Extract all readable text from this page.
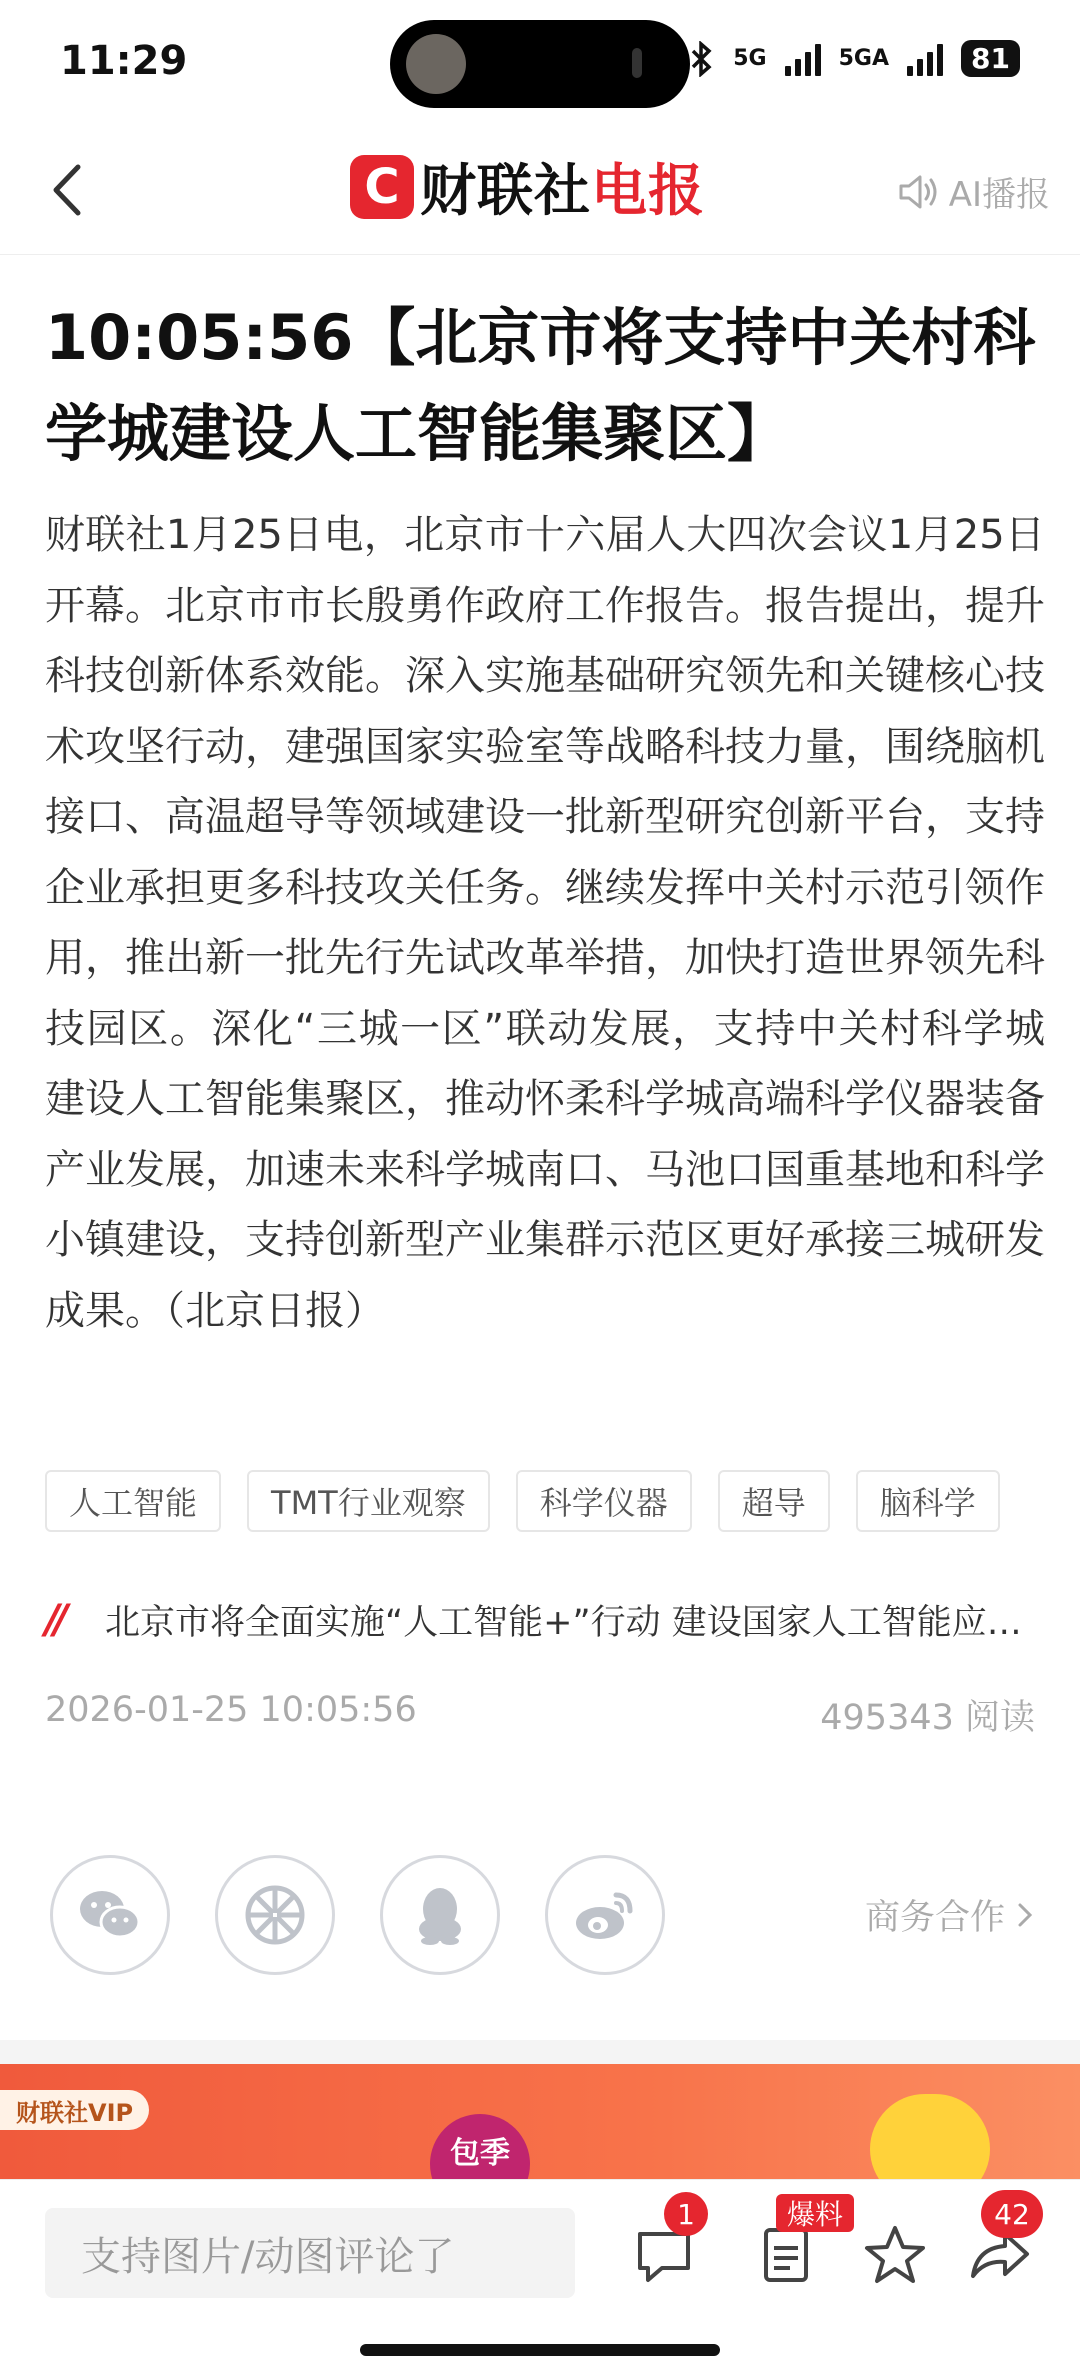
11:29	5G	5GA	81
C 财联社电报	AI播报
10:05:56【北京市将支持中关村科学城建设人工智能集聚区】

财联社1月25日电，北京市十六届人大四次会议1月25日开幕。北京市市长殷勇作政府工作报告。报告提出，提升科技创新体系效能。深入实施基础研究领先和关键核心技术攻坚行动，建强国家实验室等战略科技力量，围绕脑机接口、高温超导等领域建设一批新型研究创新平台，支持企业承担更多科技攻关任务。继续发挥中关村示范引领作用，推出新一批先行先试改革举措，加快打造世界领先科技园区。深化“三城一区”联动发展，支持中关村科学城建设人工智能集聚区，推动怀柔科学城高端科学仪器装备产业发展，加速未来科学城南口、马池口国重基地和科学小镇建设，支持创新型产业集群示范区更好承接三城研发成果。（北京日报）

人工智能	TMT行业观察	科学仪器	超导	脑科学
//	北京市将全面实施“人工智能+”行动 建设国家人工智能应…
2026-01-25 10:05:56	495343 阅读
商务合作
财联社VIP
包季
支持图片/动图评论了
1	爆料	42
